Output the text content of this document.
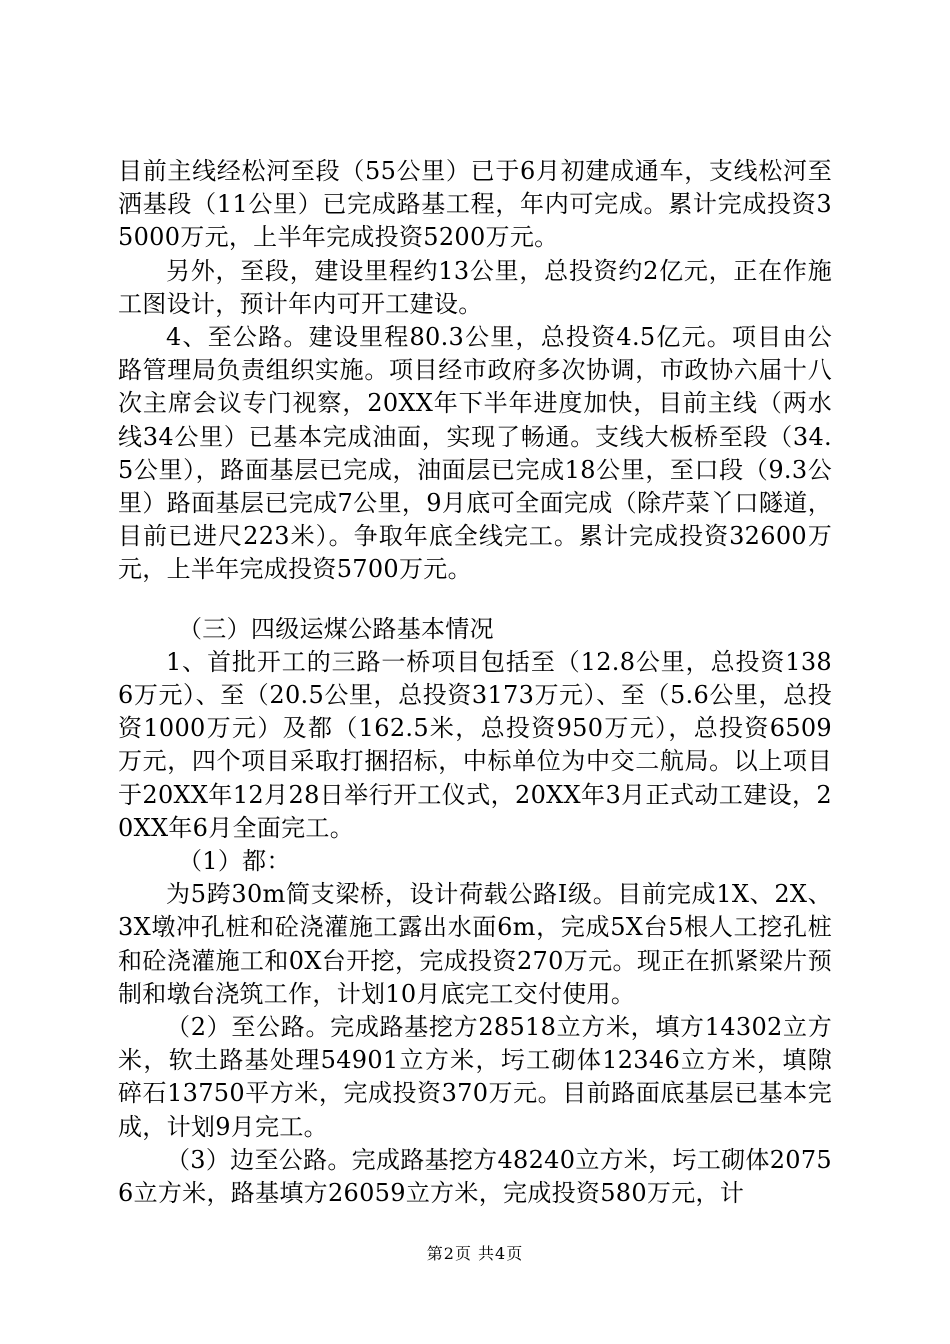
目前主线经松河至段（55公里）已于6月初建成通车，支线松河至洒基段（11公里）已完成路基工程，年内可完成。累计完成投资35000万元，上半年完成投资5200万元。

另外，至段，建设里程约13公里，总投资约2亿元，正在作施工图设计，预计年内可开工建设。

4、至公路。建设里程80.3公里，总投资4.5亿元。项目由公路管理局负责组织实施。项目经市政府多次协调，市政协六届十八次主席会议专门视察，20XX年下半年进度加快，目前主线（两水线34公里）已基本完成油面，实现了畅通。支线大板桥至段（34.5公里），路面基层已完成，油面层已完成18公里，至口段（9.3公里）路面基层已完成7公里，9月底可全面完成（除芹菜丫口隧道，目前已进尺223米）。争取年底全线完工。累计完成投资32600万元，上半年完成投资5700万元。

（三）四级运煤公路基本情况

1、首批开工的三路一桥项目包括至（12.8公里，总投资1386万元）、至（20.5公里，总投资3173万元）、至（5.6公里，总投资1000万元）及都（162.5米，总投资950万元），总投资6509万元，四个项目采取打捆招标，中标单位为中交二航局。以上项目于20XX年12月28日举行开工仪式，20XX年3月正式动工建设，20XX年6月全面完工。

（1）都：

为5跨30m简支梁桥，设计荷载公路Ⅰ级。目前完成1X、2X、3X墩冲孔桩和砼浇灌施工露出水面6m，完成5X台5根人工挖孔桩和砼浇灌施工和0X台开挖，完成投资270万元。现正在抓紧梁片预制和墩台浇筑工作，计划10月底完工交付使用。

（2）至公路。完成路基挖方28518立方米，填方14302立方米，软土路基处理54901立方米，圬工砌体12346立方米，填隙碎石13750平方米，完成投资370万元。目前路面底基层已基本完成，计划9月完工。

（3）边至公路。完成路基挖方48240立方米，圬工砌体20756立方米，路基填方26059立方米，完成投资580万元，计

第2页 共4页
